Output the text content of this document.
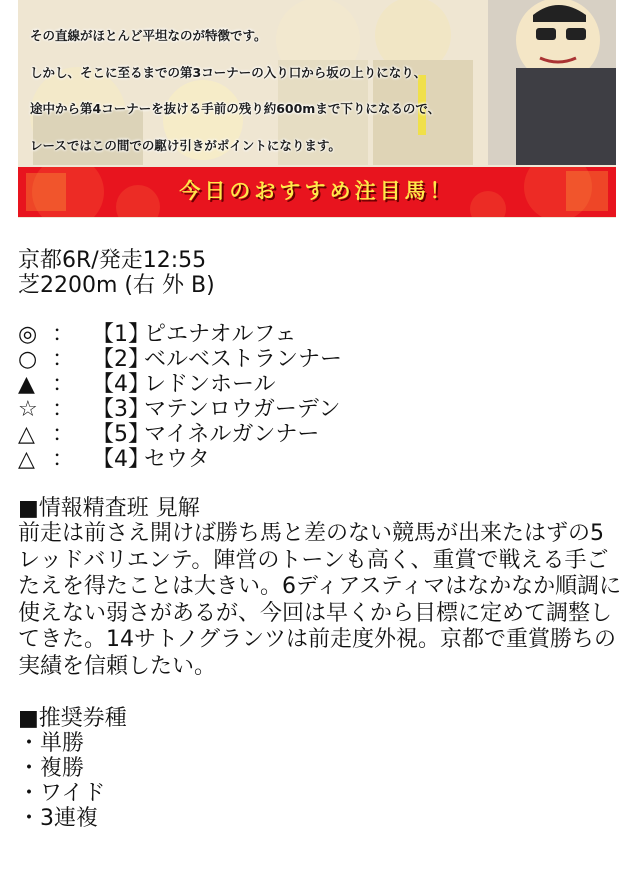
その直線がほとんど平坦なのが特徴です。
しかし、そこに至るまでの第3コーナーの入り口から坂の上りになり、
途中から第4コーナーを抜ける手前の残り約600mまで下りになるので、
レースではこの間での駆け引きがポイントになります。
今日のおすすめ注目馬！
京都6R/発走12:55
芝2200m (右 外 B)
◎ ： 【1】ピエナオルフェ
○ ： 【2】ベルベストランナー
▲ ： 【4】レドンホール
☆ ： 【3】マテンロウガーデン
△ ： 【5】マイネルガンナー
△ ： 【4】セウタ
■情報精査班 見解
前走は前さえ開けば勝ち馬と差のない競馬が出来たはずの5レッドバリエンテ。陣営のトーンも高く、重賞で戦える手ごたえを得たことは大きい。6ディアスティマはなかなか順調に使えない弱さがあるが、今回は早くから目標に定めて調整してきた。14サトノグランツは前走度外視。京都で重賞勝ちの実績を信頼したい。
■推奨券種
・単勝
・複勝
・ワイド
・3連複
